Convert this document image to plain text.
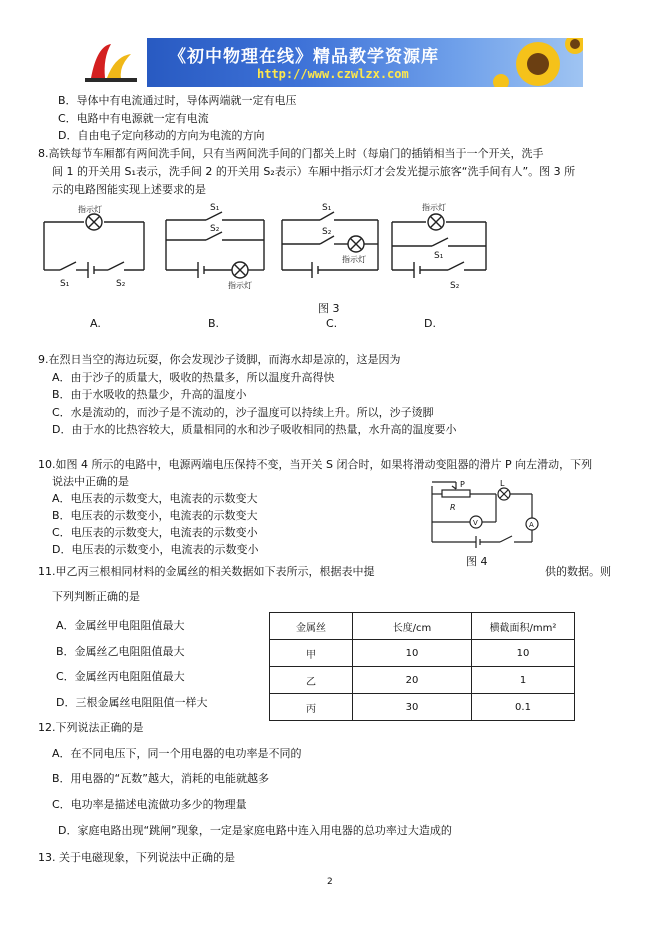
《初中物理在线》精品教学资源库
http://www.czwlzx.com
B．导体中有电流通过时，导体两端就一定有电压
C．电路中有电源就一定有电流
D．自由电子定向移动的方向为电流的方向
8.高铁每节车厢都有两间洗手间，只有当两间洗手间的门都关上时（每扇门的插销相当于一个开关，洗手
间 1 的开关用 S₁表示，洗手间 2 的开关用 S₂表示）车厢中指示灯才会发光提示旅客“洗手间有人”。图 3 所
示的电路图能实现上述要求的是
指示灯
S₁	S₂
S₁
S₂
指示灯
S₁
S₂
指示灯
指示灯
S₁
S₂
图 3
A.	B.	C.	D.
9.在烈日当空的海边玩耍，你会发现沙子烫脚，而海水却是凉的，这是因为
A．由于沙子的质量大，吸收的热量多，所以温度升高得快
B．由于水吸收的热量少，升高的温度小
C．水是流动的，而沙子是不流动的，沙子温度可以持续上升。所以，沙子烫脚
D．由于水的比热容较大，质量相同的水和沙子吸收相同的热量，水升高的温度要小
10.如图 4 所示的电路中，电源两端电压保持不变，当开关 S 闭合时，如果将滑动变阻器的滑片 P 向左滑动，下列
说法中正确的是
A．电压表的示数变大，电流表的示数变大
B．电压表的示数变小，电流表的示数变大
C．电压表的示数变大，电流表的示数变小
D．电压表的示数变小，电流表的示数变小
P
R
L
V	A
图 4
11.甲乙丙三根相同材料的金属丝的相关数据如下表所示，根据表中提	供的数据。则
下列判断正确的是
A．金属丝甲电阻阻值最大
B．金属丝乙电阻阻值最大
C．金属丝丙电阻阻值最大
D．三根金属丝电阻阻值一样大
金属丝	长度/cm	横截面积/mm²
甲	10	10
乙	20	1
丙	30	0.1
12.下列说法正确的是
A．在不同电压下，同一个用电器的电功率是不同的
B．用电器的“瓦数”越大，消耗的电能就越多
C．电功率是描述电流做功多少的物理量
D．家庭电路出现“跳闸”现象，一定是家庭电路中连入用电器的总功率过大造成的
13. 关于电磁现象，下列说法中正确的是
2
